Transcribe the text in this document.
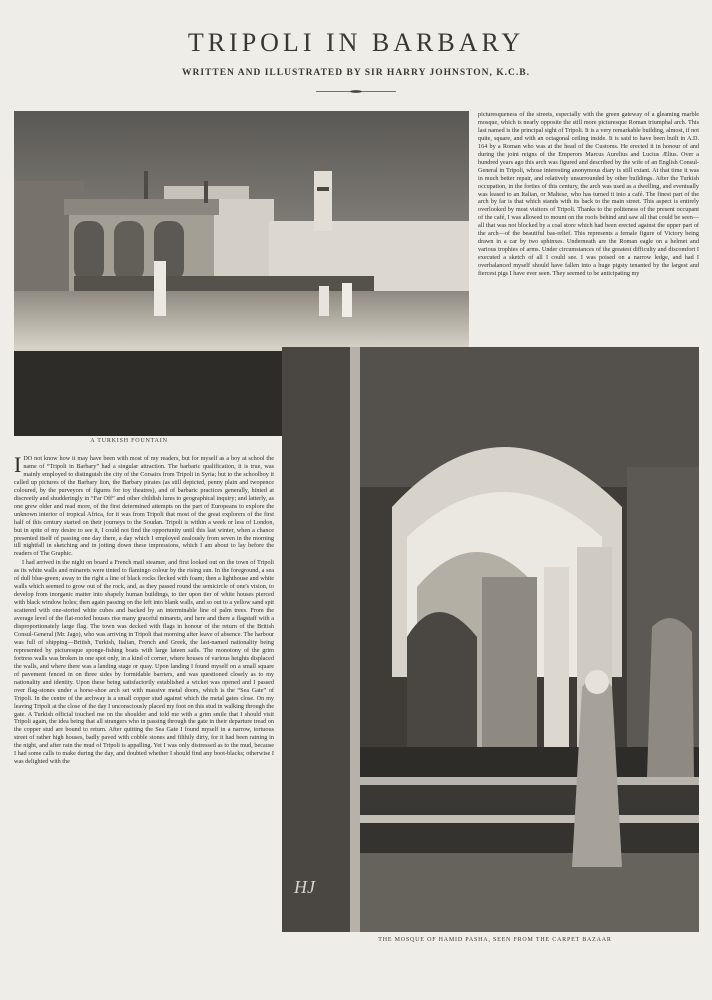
TRIPOLI IN BARBARY
WRITTEN AND ILLUSTRATED BY SIR HARRY JOHNSTON, K.C.B.
A TURKISH FOUNTAIN
HJ
THE MOSQUE OF HAMID PASHA, SEEN FROM THE CARPET BAZAAR

picturesqueness of the streets, especially with the green gateway of a gleaming marble mosque, which is nearly opposite the still more picturesque Roman triumphal arch. This last named is the principal sight of Tripoli. It is a very remarkable building, almost, if not quite, square, and with an octagonal ceiling inside. It is said to have been built in A.D. 164 by a Roman who was at the head of the Customs. He erected it in honour of and during the joint reigns of the Emperors Marcus Aurelius and Lucius Ælius. Over a hundred years ago this arch was figured and described by the wife of an English Consul-General in Tripoli, whose interesting anonymous diary is still extant. At that time it was in much better repair, and relatively unsurrounded by other buildings. After the Turkish occupation, in the forties of this century, the arch was used as a dwelling, and eventually was leased to an Italian, or Maltese, who has turned it into a café. The finest part of the arch by far is that which stands with its back to the main street. This aspect is entirely overlooked by most visitors of Tripoli. Thanks to the politeness of the present occupant of the café, I was allowed to mount on the roofs behind and saw all that could be seen—all that was not blocked by a coal store which had been erected against the upper part of the arch—of the beautiful bas-relief. This represents a female figure of Victory being drawn in a car by two sphinxes. Underneath are the Roman eagle on a helmet and various trophies of arms. Under circumstances of the greatest difficulty and discomfort I executed a sketch of all I could see. I was poised on a narrow ledge, and had I overbalanced myself should have fallen into a huge pigsty tenanted by the largest and fiercest pigs I have ever seen. They seemed to be anticipating my

I DO not know how it may have been with most of my readers, but for myself as a boy at school the name of “Tripoli in Barbary” had a singular attraction. The barbaric qualification, it is true, was mainly employed to distinguish the city of the Corsairs from Tripoli in Syria; but to the schoolboy it called up pictures of the Barbary lion, the Barbary pirates (as still depicted, penny plain and twopence coloured, by the purveyors of figures for toy theatres), and of barbaric practices generally, hinted at discreetly and shudderingly in “Far Off” and other childish lures to geographical inquiry; and latterly, as one grew older and read more, of the first determined attempts on the part of Europeans to explore the unknown interior of tropical Africa, for it was from Tripoli that most of the great explorers of the first half of this century started on their journeys to the Soudan. Tripoli is within a week or less of London, but in spite of my desire to see it, I could not find the opportunity until this last winter, when a chance presented itself of passing one day there, a day which I employed zealously from seven in the morning till nightfall in sketching and in jotting down these impressions, which I am about to lay before the readers of The Graphic.

I had arrived in the night on board a French mail steamer, and first looked out on the town of Tripoli as its white walls and minarets were tinted to flamingo colour by the rising sun. In the foreground, a sea of dull blue-green; away to the right a line of black rocks flecked with foam; then a lighthouse and white walls which seemed to grow out of the rock, and, as they passed round the semicircle of one's vision, to develop from inorganic matter into shapely human buildings, to tier upon tier of white houses pierced with black window holes; then again passing on the left into blank walls, and so out to a yellow sand spit scattered with one-storied white cubes and backed by an interminable line of palm trees. From the average level of the flat-roofed houses rise many graceful minarets, and here and there a flagstaff with a disproportionately large flag. The town was decked with flags in honour of the return of the British Consul-General (Mr. Jago), who was arriving in Tripoli that morning after leave of absence. The harbour was full of shipping—British, Turkish, Italian, French and Greek, the last-named nationality being represented by picturesque sponge-fishing boats with large lateen sails. The monotony of the grim fortress walls was broken in one spot only, in a kind of corner, where houses of various heights displaced the walls, and where there was a landing stage or quay. Upon landing I found myself on a small square of pavement fenced in on three sides by formidable barriers, and was questioned closely as to my nationality and identity. Upon these being satisfactorily established a wicket was opened and I passed over flag-stones under a horse-shoe arch set with massive metal doors, which is the “Sea Gate” of Tripoli. In the centre of the archway is a small copper stud against which the metal gates close. On my leaving Tripoli at the close of the day I unconsciously placed my foot on this stud in walking through the gate. A Turkish official touched me on the shoulder and told me with a grim smile that I should visit Tripoli again, the idea being that all strangers who in passing through the gate in their departure tread on the copper stud are bound to return. After quitting the Sea Gate I found myself in a narrow, tortuous street of rather high houses, badly paved with cobble stones and filthily dirty, for it had been raining in the night, and after rain the mud of Tripoli is appalling. Yet I was only distressed as to the mud, because I had some calls to make during the day, and doubted whether I should find any boot-blacks; otherwise I was delighted with the
